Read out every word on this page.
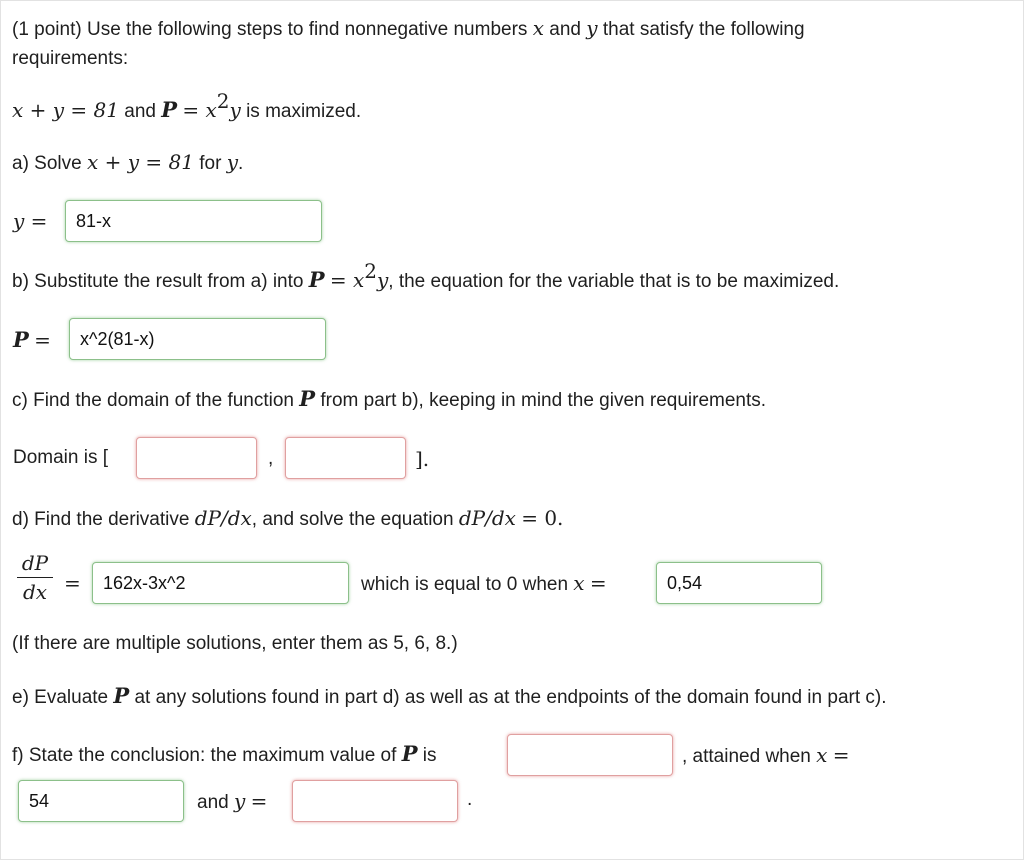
(1 point) Use the following steps to find nonnegative numbers x and y that satisfy the following
requirements:
x + y = 81 and $P = x^2y$ is maximized.
a) Solve x + y = 81 for y.
y =
81-x
b) Substitute the result from a) into $P = x^2y$, the equation for the variable that is to be maximized.
P =
x^2(81-x)
c) Find the domain of the function P from part b), keeping in mind the given requirements.
Domain is [	,	].
d) Find the derivative dP/dx, and solve the equation dP/dx = 0.
dP
dx =
162x-3x^2	which is equal to 0 when x =
0,54
(If there are multiple solutions, enter them as 5, 6, 8.)
e) Evaluate P at any solutions found in part d) as well as at the endpoints of the domain found in part c).
f) State the conclusion: the maximum value of P is	, attained when x =
54
and y =	.
